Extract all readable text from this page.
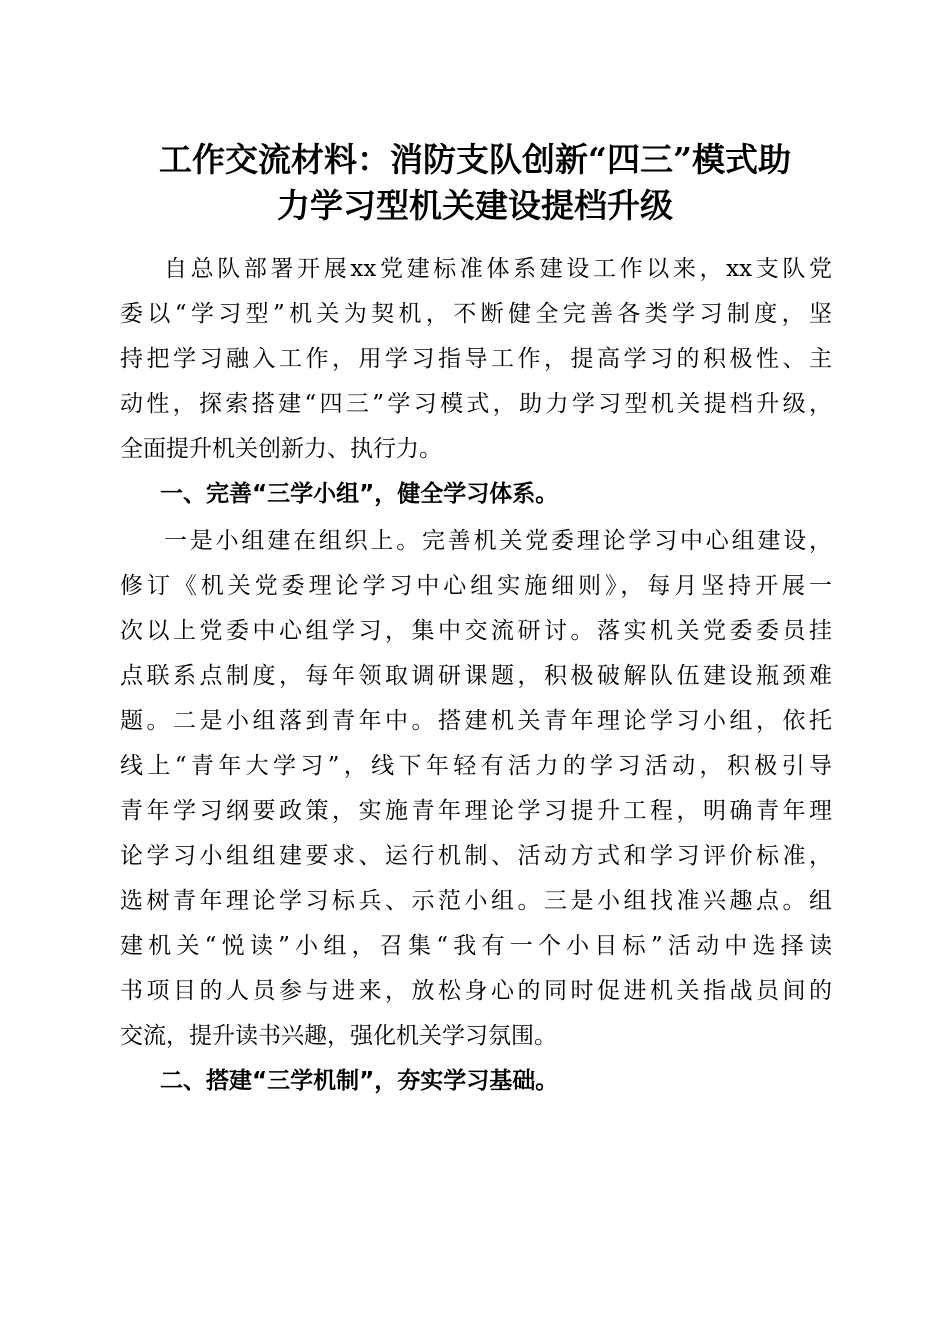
工作交流材料：消防支队创新“四三”模式助
力学习型机关建设提档升级

自总队部署开展xx党建标准体系建设工作以来，xx支队党

委以“学习型”机关为契机，不断健全完善各类学习制度，坚

持把学习融入工作，用学习指导工作，提高学习的积极性、主

动性，探索搭建“四三”学习模式，助力学习型机关提档升级，

全面提升机关创新力、执行力。

一、完善“三学小组”，健全学习体系。

一是小组建在组织上。完善机关党委理论学习中心组建设，

修订《机关党委理论学习中心组实施细则》，每月坚持开展一

次以上党委中心组学习，集中交流研讨。落实机关党委委员挂

点联系点制度，每年领取调研课题，积极破解队伍建设瓶颈难

题。二是小组落到青年中。搭建机关青年理论学习小组，依托

线上“青年大学习”，线下年轻有活力的学习活动，积极引导

青年学习纲要政策，实施青年理论学习提升工程，明确青年理

论学习小组组建要求、运行机制、活动方式和学习评价标准，

选树青年理论学习标兵、示范小组。三是小组找准兴趣点。组

建机关“悦读”小组，召集“我有一个小目标”活动中选择读

书项目的人员参与进来，放松身心的同时促进机关指战员间的

交流，提升读书兴趣，强化机关学习氛围。

二、搭建“三学机制”，夯实学习基础。
